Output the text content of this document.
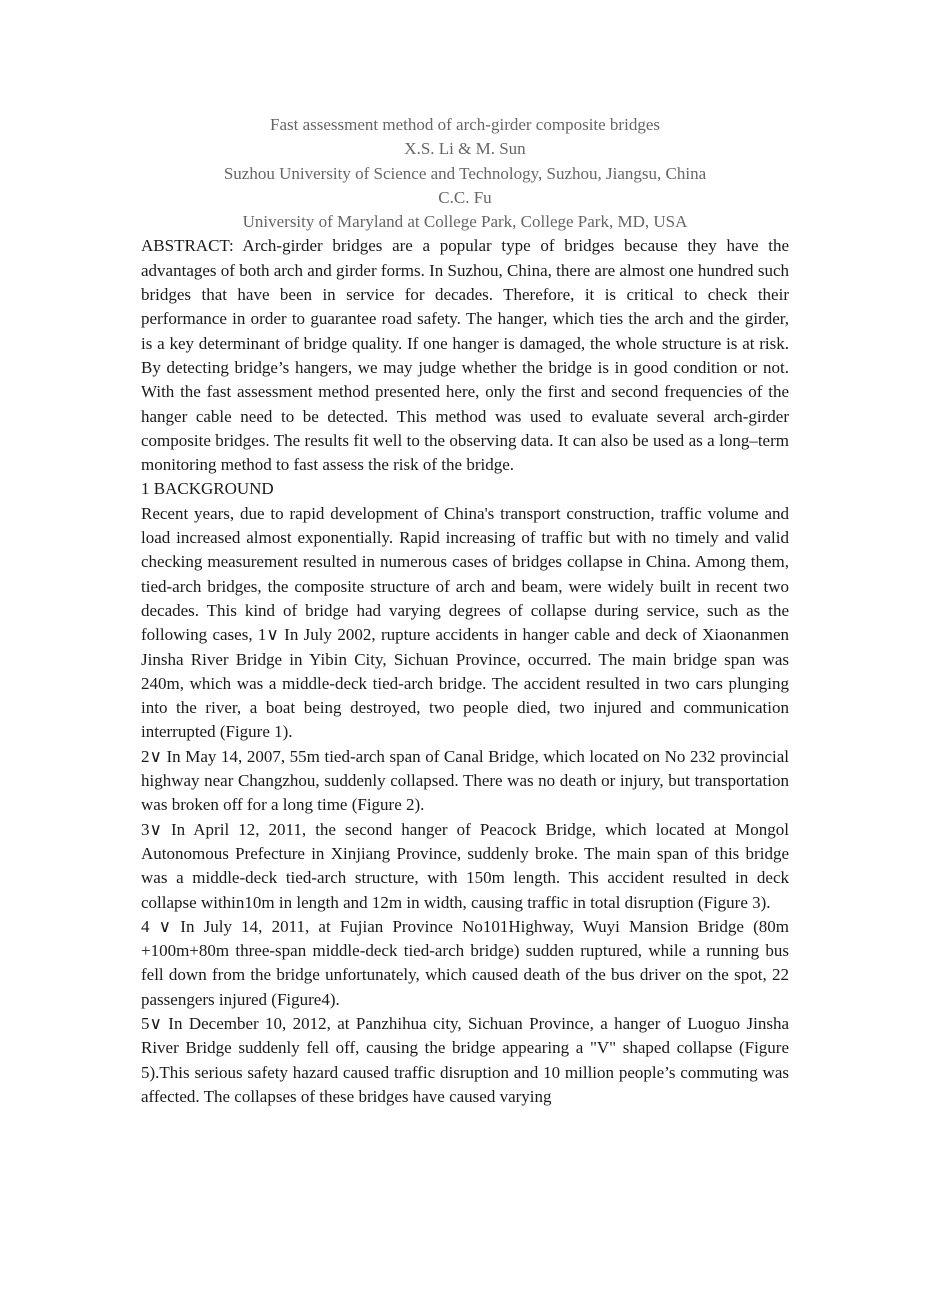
Fast assessment method of arch-girder composite bridges

X.S. Li & M. Sun

Suzhou University of Science and Technology, Suzhou, Jiangsu, China

C.C. Fu

University of Maryland at College Park, College Park, MD, USA

ABSTRACT: Arch-girder bridges are a popular type of bridges because they have the advantages of both arch and girder forms. In Suzhou, China, there are almost one hundred such bridges that have been in service for decades. Therefore, it is critical to check their performance in order to guarantee road safety. The hanger, which ties the arch and the girder, is a key determinant of bridge quality. If one hanger is damaged, the whole structure is at risk. By detecting bridge’s hangers, we may judge whether the bridge is in good condition or not. With the fast assessment method presented here, only the first and second frequencies of the hanger cable need to be detected. This method was used to evaluate several arch-girder composite bridges. The results fit well to the observing data. It can also be used as a long–term monitoring method to fast assess the risk of the bridge.

1 BACKGROUND

Recent years, due to rapid development of China's transport construction, traffic volume and load increased almost exponentially. Rapid increasing of traffic but with no timely and valid checking measurement resulted in numerous cases of bridges collapse in China. Among them, tied-arch bridges, the composite structure of arch and beam, were widely built in recent two decades. This kind of bridge had varying degrees of collapse during service, such as the following cases, 1∨ In July 2002, rupture accidents in hanger cable and deck of Xiaonanmen Jinsha River Bridge in Yibin City, Sichuan Province, occurred. The main bridge span was 240m, which was a middle-deck tied-arch bridge. The accident resulted in two cars plunging into the river, a boat being destroyed, two people died, two injured and communication interrupted (Figure 1).

2∨ In May 14, 2007, 55m tied-arch span of Canal Bridge, which located on No 232 provincial highway near Changzhou, suddenly collapsed. There was no death or injury, but transportation was broken off for a long time (Figure 2).

3∨ In April 12, 2011, the second hanger of Peacock Bridge, which located at Mongol Autonomous Prefecture in Xinjiang Province, suddenly broke. The main span of this bridge was a middle-deck tied-arch structure, with 150m length. This accident resulted in deck collapse within10m in length and 12m in width, causing traffic in total disruption (Figure 3).

4 ∨ In July 14, 2011, at Fujian Province No101Highway, Wuyi Mansion Bridge (80m +100m+80m three-span middle-deck tied-arch bridge) sudden ruptured, while a running bus fell down from the bridge unfortunately, which caused death of the bus driver on the spot, 22 passengers injured (Figure4).

5∨ In December 10, 2012, at Panzhihua city, Sichuan Province, a hanger of Luoguo Jinsha River Bridge suddenly fell off, causing the bridge appearing a "V" shaped collapse (Figure 5).This serious safety hazard caused traffic disruption and 10 million people’s commuting was affected. The collapses of these bridges have caused varying
